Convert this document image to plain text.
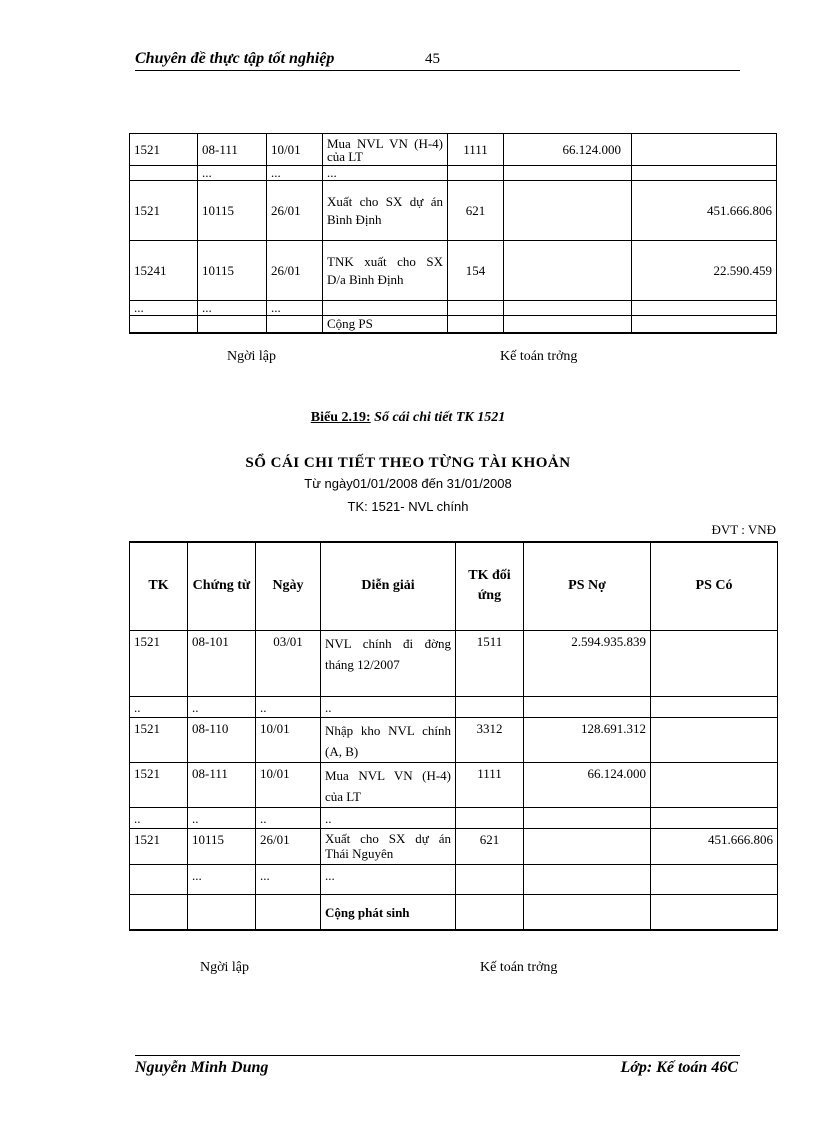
Chuyên đề thực tập tốt nghiệp	45
1521	08-111	10/01	Mua NVL VN (H-4) của LT	1111	66.124.000	
	...	...	...			
1521	10115	26/01	Xuất cho SX dự án Bình Định	621		451.666.806
15241	10115	26/01	TNK xuất cho SX D/a Bình Định	154		22.590.459
...	...	...				
			Cộng PS			
Ngời lập	Kế toán trởng
Biểu 2.19: Sổ cái chi tiết TK 1521
SỔ CÁI CHI TIẾT THEO TỪNG TÀI KHOẢN
Từ ngày01/01/2008 đến 31/01/2008
TK: 1521- NVL chính
ĐVT : VNĐ
TK	Chứng từ	Ngày	Diễn giải	TK đối ứng	PS Nợ	PS Có
1521	08-101	03/01	NVL chính đi đờng tháng 12/2007	1511	2.594.935.839	
..	..	..	..			
1521	08-110	10/01	Nhập kho NVL chính (A, B)	3312	128.691.312	
1521	08-111	10/01	Mua NVL VN (H-4) của LT	1111	66.124.000	
..	..	..	..			
1521	10115	26/01	Xuất cho SX dự án Thái Nguyên	621		451.666.806
	...	...	...			
			Cộng phát sinh			
Ngời lập	Kế toán trởng
Nguyễn Minh Dung	Lớp: Kế toán 46C
